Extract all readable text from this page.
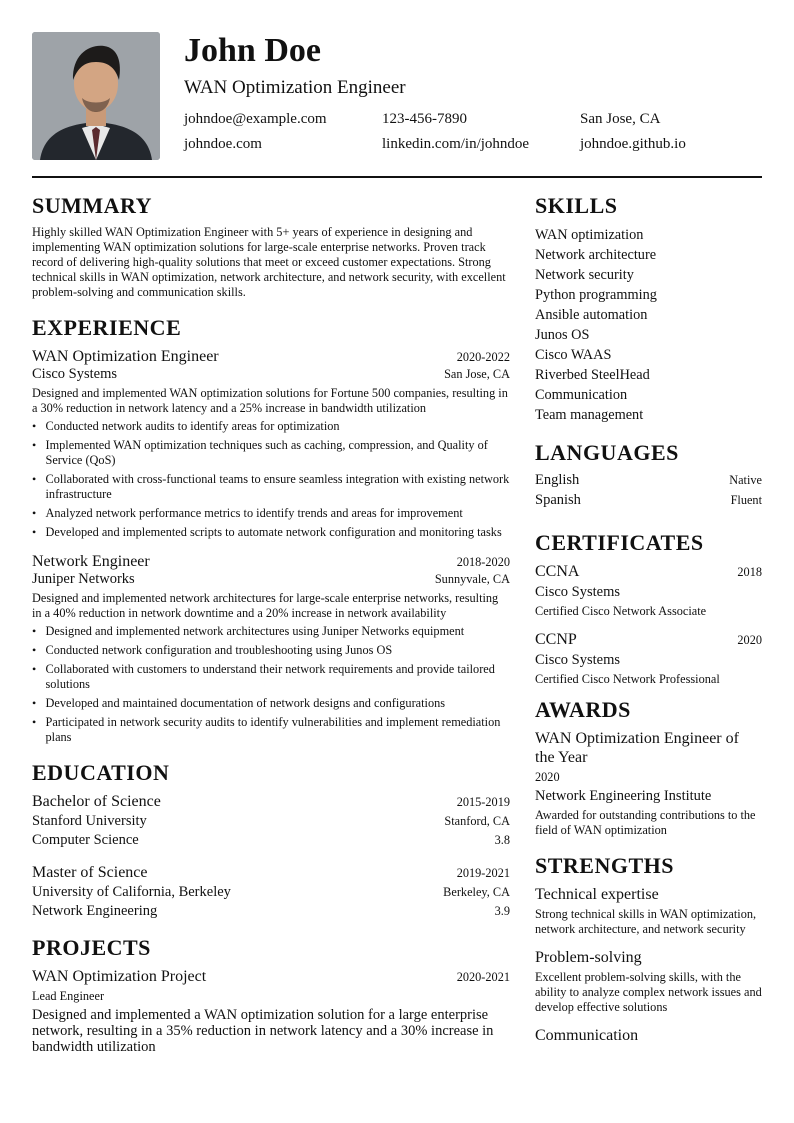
John Doe
WAN Optimization Engineer
johndoe@example.com	123-456-7890	San Jose, CA
johndoe.com	linkedin.com/in/johndoe	johndoe.github.io
SUMMARY
Highly skilled WAN Optimization Engineer with 5+ years of experience in designing and implementing WAN optimization solutions for large-scale enterprise networks. Proven track record of delivering high-quality solutions that meet or exceed customer expectations. Strong technical skills in WAN optimization, network architecture, and network security, with excellent problem-solving and communication skills.
EXPERIENCE
WAN Optimization Engineer	2020-2022
Cisco Systems	San Jose, CA
Designed and implemented WAN optimization solutions for Fortune 500 companies, resulting in a 30% reduction in network latency and a 25% increase in bandwidth utilization
• Conducted network audits to identify areas for optimization
• Implemented WAN optimization techniques such as caching, compression, and Quality of Service (QoS)
• Collaborated with cross-functional teams to ensure seamless integration with existing network infrastructure
• Analyzed network performance metrics to identify trends and areas for improvement
• Developed and implemented scripts to automate network configuration and monitoring tasks
Network Engineer	2018-2020
Juniper Networks	Sunnyvale, CA
Designed and implemented network architectures for large-scale enterprise networks, resulting in a 40% reduction in network downtime and a 20% increase in network availability
• Designed and implemented network architectures using Juniper Networks equipment
• Conducted network configuration and troubleshooting using Junos OS
• Collaborated with customers to understand their network requirements and provide tailored solutions
• Developed and maintained documentation of network designs and configurations
• Participated in network security audits to identify vulnerabilities and implement remediation plans
EDUCATION
Bachelor of Science	2015-2019
Stanford University	Stanford, CA
Computer Science	3.8
Master of Science	2019-2021
University of California, Berkeley	Berkeley, CA
Network Engineering	3.9
PROJECTS
WAN Optimization Project	2020-2021
Lead Engineer
Designed and implemented a WAN optimization solution for a large enterprise network, resulting in a 35% reduction in network latency and a 30% increase in bandwidth utilization
SKILLS
WAN optimization
Network architecture
Network security
Python programming
Ansible automation
Junos OS
Cisco WAAS
Riverbed SteelHead
Communication
Team management
LANGUAGES
English	Native
Spanish	Fluent
CERTIFICATES
CCNA	2018
Cisco Systems
Certified Cisco Network Associate
CCNP	2020
Cisco Systems
Certified Cisco Network Professional
AWARDS
WAN Optimization Engineer of the Year
2020
Network Engineering Institute
Awarded for outstanding contributions to the field of WAN optimization
STRENGTHS
Technical expertise
Strong technical skills in WAN optimization, network architecture, and network security
Problem-solving
Excellent problem-solving skills, with the ability to analyze complex network issues and develop effective solutions
Communication
